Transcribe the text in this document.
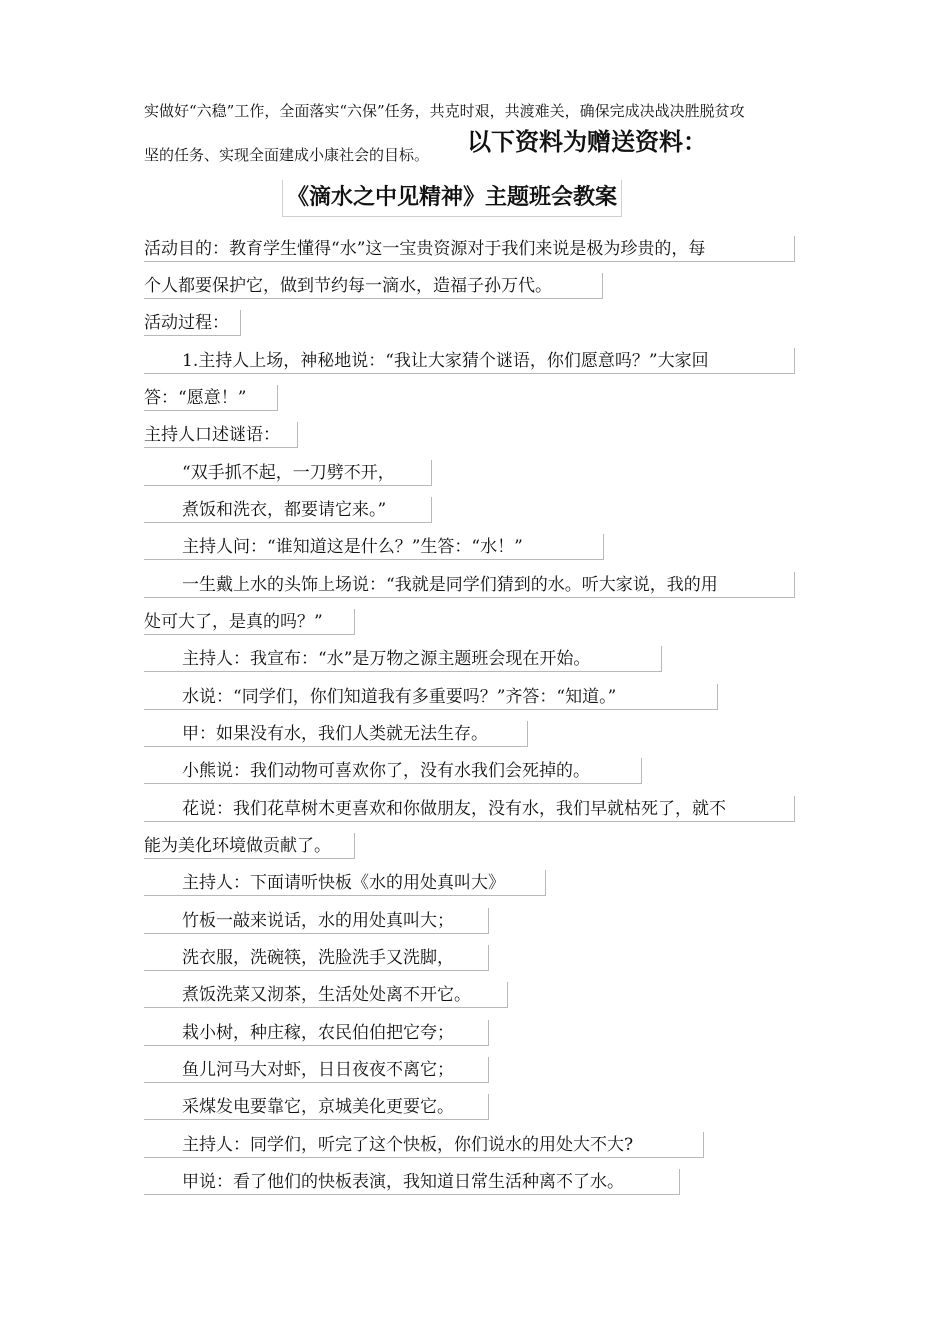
实做好“六稳”工作，全面落实“六保”任务，共克时艰，共渡难关，确保完成决战决胜脱贫攻
坚的任务、实现全面建成小康社会的目标。	以下资料为赠送资料：
《滴水之中见精神》主题班会教案
活动目的：教育学生懂得“水”这一宝贵资源对于我们来说是极为珍贵的，每
个人都要保护它，做到节约每一滴水，造福子孙万代。
活动过程：
1.主持人上场，神秘地说：“我让大家猜个谜语，你们愿意吗？”大家回
答：“愿意！”
主持人口述谜语：
“双手抓不起，一刀劈不开，
煮饭和洗衣，都要请它来。”
主持人问：“谁知道这是什么？”生答：“水！”
一生戴上水的头饰上场说：“我就是同学们猜到的水。听大家说，我的用
处可大了，是真的吗？”
主持人：我宣布：“水”是万物之源主题班会现在开始。
水说：“同学们，你们知道我有多重要吗？”齐答：“知道。”
甲：如果没有水，我们人类就无法生存。
小熊说：我们动物可喜欢你了，没有水我们会死掉的。
花说：我们花草树木更喜欢和你做朋友，没有水，我们早就枯死了，就不
能为美化环境做贡献了。
主持人：下面请听快板《水的用处真叫大》
竹板一敲来说话，水的用处真叫大；
洗衣服，洗碗筷，洗脸洗手又洗脚，
煮饭洗菜又沏茶，生活处处离不开它。
栽小树，种庄稼，农民伯伯把它夸；
鱼儿河马大对虾，日日夜夜不离它；
采煤发电要靠它，京城美化更要它。
主持人：同学们，听完了这个快板，你们说水的用处大不大?
甲说：看了他们的快板表演，我知道日常生活种离不了水。
